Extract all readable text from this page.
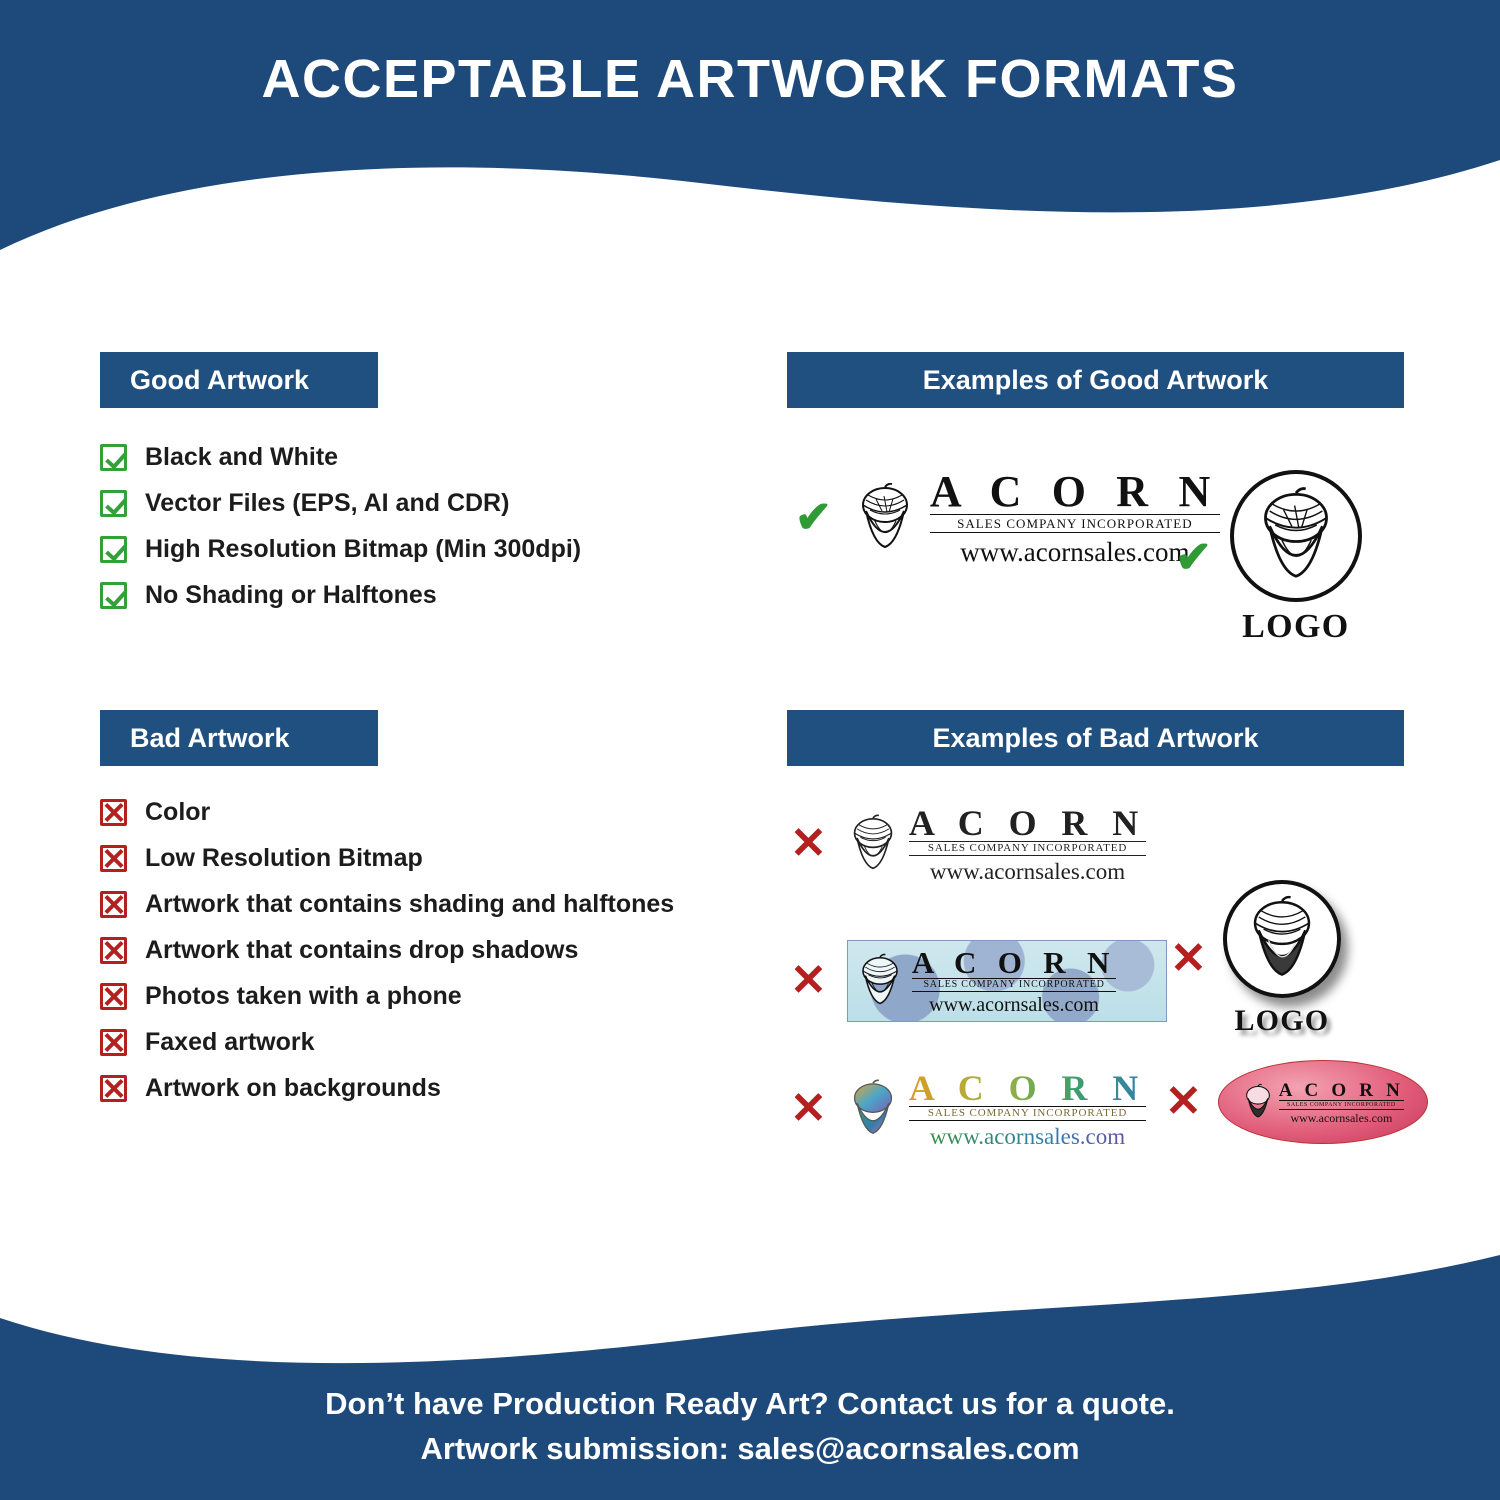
ACCEPTABLE ARTWORK FORMATS
Good Artwork
Black and White
Vector Files (EPS, AI and CDR)
High Resolution Bitmap (Min 300dpi)
No Shading or Halftones
Examples of Good Artwork
✔
A C O R N
SALES COMPANY INCORPORATED
www.acornsales.com
✔
LOGO
Bad Artwork
Color
Low Resolution Bitmap
Artwork that contains shading and halftones
Artwork that contains drop shadows
Photos taken with a phone
Faxed artwork
Artwork on backgrounds
Examples of Bad Artwork
✕ A C O R N
SALES COMPANY INCORPORATED
www.acornsales.com
✕	A C O R N
SALES COMPANY INCORPORATED
www.acornsales.com
✕ A C O R N
SALES COMPANY INCORPORATED
www.acornsales.com
✕
LOGO
✕	A C O R N
SALES COMPANY INCORPORATED
www.acornsales.com
Don’t have Production Ready Art? Contact us for a quote.
Artwork submission: sales@acornsales.com
